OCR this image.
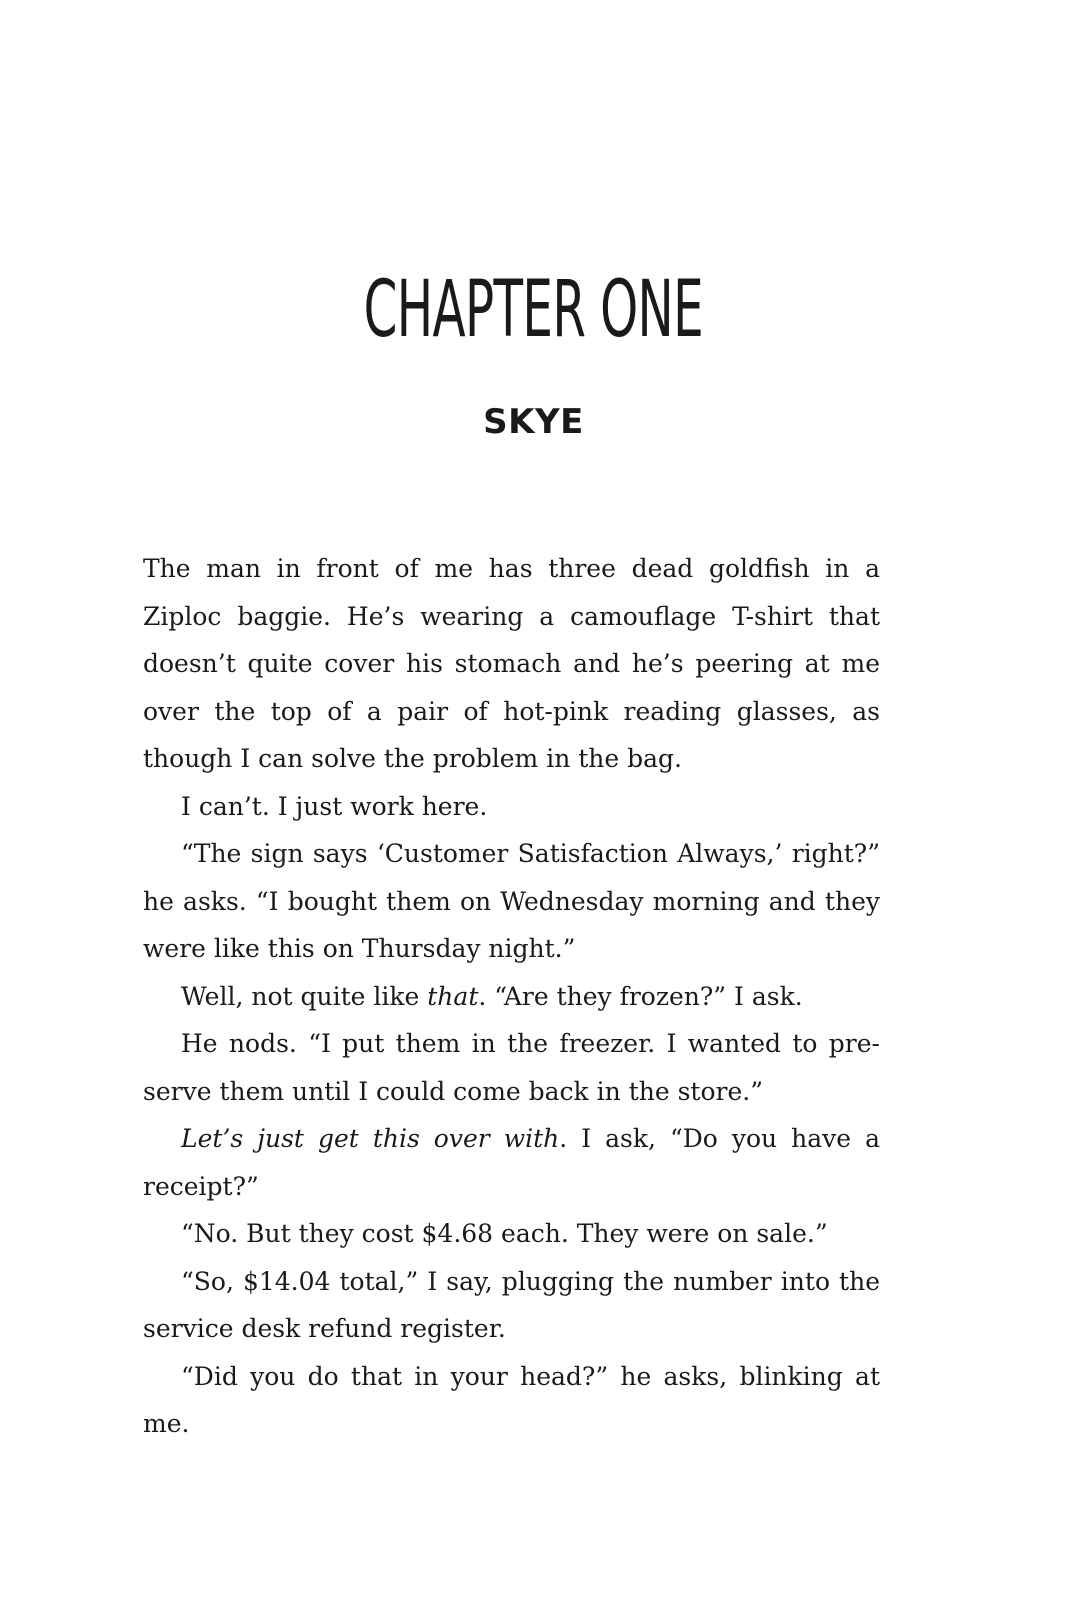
CHAPTER ONE
SKYE

The man in front of me has three dead goldfish in a Ziploc baggie. He’s wearing a camouflage T-shirt that doesn’t quite cover his stomach and he’s peering at me over the top of a pair of hot-pink reading glasses, as though I can solve the problem in the bag.

I can’t. I just work here.

“The sign says ‘Customer Satisfaction Always,’ right?” he asks. “I bought them on Wednesday morning and they were like this on Thursday night.”

Well, not quite like that. “Are they frozen?” I ask.

He nods. “I put them in the freezer. I wanted to preserve them until I could come back in the store.”

Let’s just get this over with. I ask, “Do you have a receipt?”

“No. But they cost $4.68 each. They were on sale.”

“So, $14.04 total,” I say, plugging the number into the service desk refund register.

“Did you do that in your head?” he asks, blinking at me.
